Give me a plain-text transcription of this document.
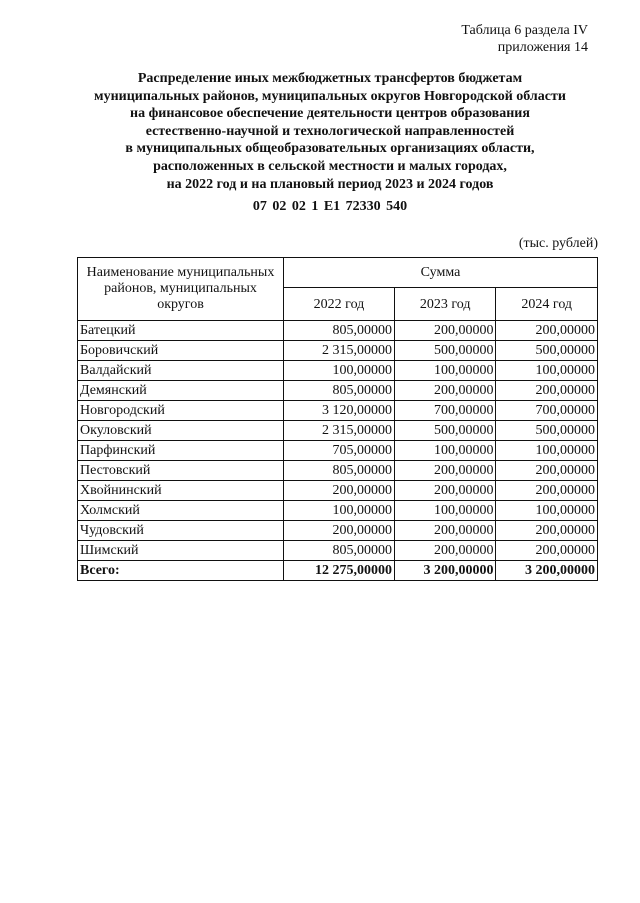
Таблица 6 раздела IV
приложения 14
Распределение иных межбюджетных трансфертов бюджетам
муниципальных районов, муниципальных округов Новгородской области
на финансовое обеспечение деятельности центров образования
естественно-научной и технологической направленностей
в муниципальных общеобразовательных организациях области,
расположенных в сельской местности и малых городах,
на 2022 год и на плановый период 2023 и 2024 годов
07 02 02 1 E1 72330 540
(тыс. рублей)
Наименование муниципальных районов, муниципальных округов	Сумма		
	2022 год	2023 год	2024 год
Батецкий	805,00000	200,00000	200,00000
Боровичский	2 315,00000	500,00000	500,00000
Валдайский	100,00000	100,00000	100,00000
Демянский	805,00000	200,00000	200,00000
Новгородский	3 120,00000	700,00000	700,00000
Окуловский	2 315,00000	500,00000	500,00000
Парфинский	705,00000	100,00000	100,00000
Пестовский	805,00000	200,00000	200,00000
Хвойнинский	200,00000	200,00000	200,00000
Холмский	100,00000	100,00000	100,00000
Чудовский	200,00000	200,00000	200,00000
Шимский	805,00000	200,00000	200,00000
Всего:	12 275,00000	3 200,00000	3 200,00000
